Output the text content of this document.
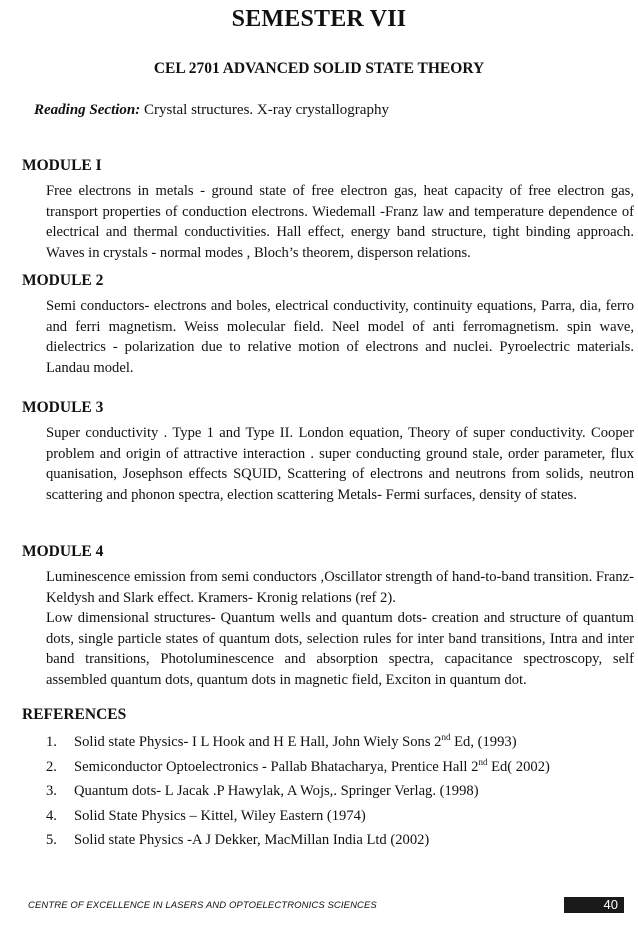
SEMESTER VII
CEL 2701 ADVANCED SOLID STATE THEORY
Reading Section: Crystal structures. X-ray crystallography
MODULE I

Free electrons in metals - ground state of free electron gas, heat capacity of free electron gas, transport properties of conduction electrons. Wiedemall -Franz law and temperature dependence of electrical and thermal conductivities. Hall effect, energy band structure, tight binding approach. Waves in crystals - normal modes , Bloch’s theorem, disperson relations.

MODULE 2

Semi conductors- electrons and boles, electrical conductivity, continuity equations, Parra, dia, ferro and ferri magnetism. Weiss molecular field. Neel model of anti ferromagnetism. spin wave, dielectrics - polarization due to relative motion of electrons and nuclei. Pyroelectric materials. Landau model.

MODULE 3

Super conductivity . Type 1 and Type II. London equation, Theory of super conductivity. Cooper problem and origin of attractive interaction . super conducting ground stale, order parameter, flux quanisation, Josephson effects SQUID, Scattering of electrons and neutrons from solids, neutron scattering and phonon spectra, election scattering Metals- Fermi surfaces, density of states.

MODULE 4

Luminescence emission from semi conductors ,Oscillator strength of hand-to-band transition. Franz-Keldysh and Slark effect. Kramers- Kronig relations (ref 2).

Low dimensional structures- Quantum wells and quantum dots- creation and structure of quantum dots, single particle states of quantum dots, selection rules for inter band transitions, Intra and inter band transitions, Photoluminescence and absorption spectra, capacitance spectroscopy, self assembled quantum dots, quantum dots in magnetic field, Exciton in quantum dot.

REFERENCES
1. Solid state Physics- I L Hook and H E Hall, John Wiely Sons 2nd Ed, (1993)
2. Semiconductor Optoelectronics - Pallab Bhatacharya, Prentice Hall 2nd Ed( 2002)
3. Quantum dots- L Jacak .P Hawylak, A Wojs,. Springer Verlag. (1998)
4. Solid State Physics – Kittel, Wiley Eastern (1974)
5. Solid state Physics -A J Dekker, MacMillan India Ltd (2002)
CENTRE OF EXCELLENCE IN LASERS AND OPTOELECTRONICS SCIENCES	40
